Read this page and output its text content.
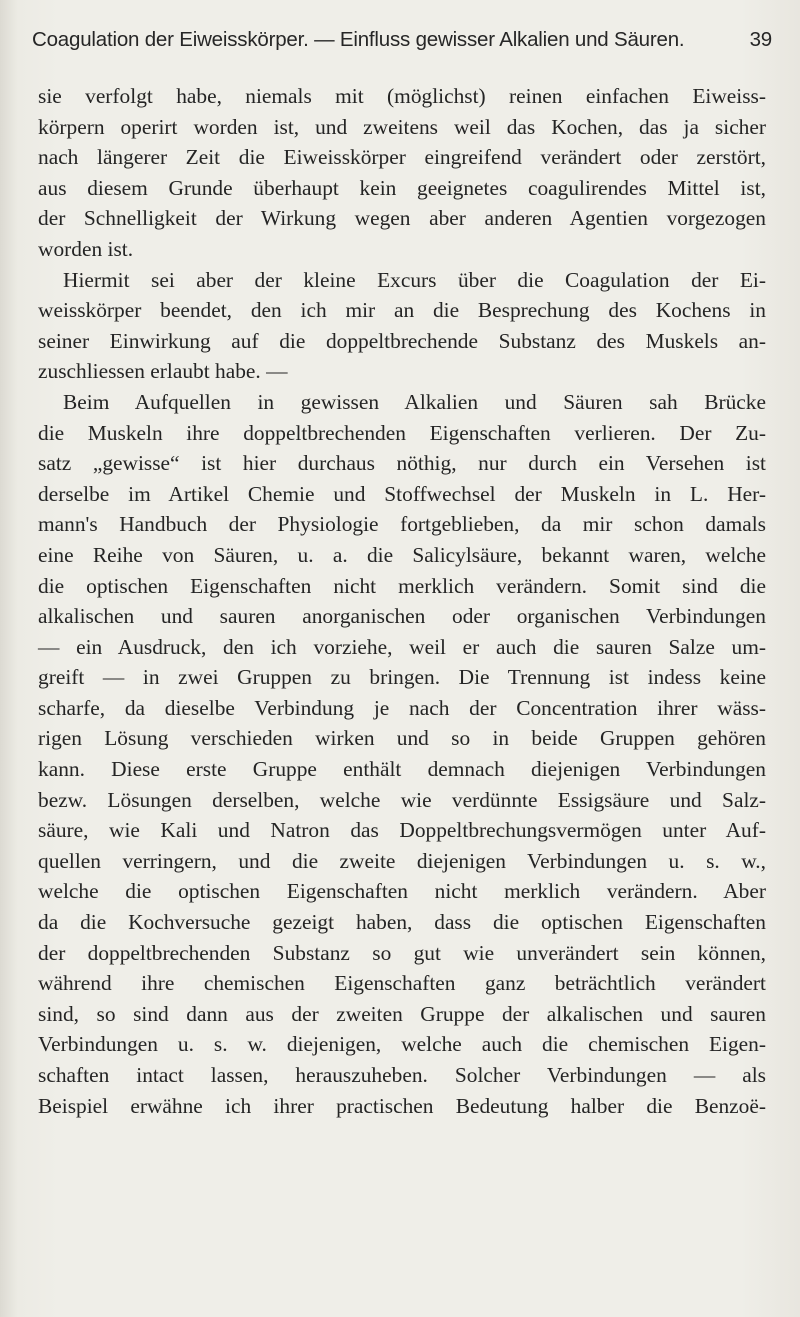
Coagulation der Eiweisskörper. — Einfluss gewisser Alkalien und Säuren.	39
sie verfolgt habe, niemals mit (möglichst) reinen einfachen Eiweiss-
körpern operirt worden ist, und zweitens weil das Kochen, das ja sicher
nach längerer Zeit die Eiweisskörper eingreifend verändert oder zerstört,
aus diesem Grunde überhaupt kein geeignetes coagulirendes Mittel ist,
der Schnelligkeit der Wirkung wegen aber anderen Agentien vorgezogen
worden ist.
Hiermit sei aber der kleine Excurs über die Coagulation der Ei-
weisskörper beendet, den ich mir an die Besprechung des Kochens in
seiner Einwirkung auf die doppeltbrechende Substanz des Muskels an-
zuschliessen erlaubt habe. —
Beim Aufquellen in gewissen Alkalien und Säuren sah Brücke
die Muskeln ihre doppeltbrechenden Eigenschaften verlieren. Der Zu-
satz „gewisse“ ist hier durchaus nöthig, nur durch ein Versehen ist
derselbe im Artikel Chemie und Stoffwechsel der Muskeln in L. Her-
mann's Handbuch der Physiologie fortgeblieben, da mir schon damals
eine Reihe von Säuren, u. a. die Salicylsäure, bekannt waren, welche
die optischen Eigenschaften nicht merklich verändern. Somit sind die
alkalischen und sauren anorganischen oder organischen Verbindungen
— ein Ausdruck, den ich vorziehe, weil er auch die sauren Salze um-
greift — in zwei Gruppen zu bringen. Die Trennung ist indess keine
scharfe, da dieselbe Verbindung je nach der Concentration ihrer wäss-
rigen Lösung verschieden wirken und so in beide Gruppen gehören
kann. Diese erste Gruppe enthält demnach diejenigen Verbindungen
bezw. Lösungen derselben, welche wie verdünnte Essigsäure und Salz-
säure, wie Kali und Natron das Doppeltbrechungsvermögen unter Auf-
quellen verringern, und die zweite diejenigen Verbindungen u. s. w.,
welche die optischen Eigenschaften nicht merklich verändern. Aber
da die Kochversuche gezeigt haben, dass die optischen Eigenschaften
der doppeltbrechenden Substanz so gut wie unverändert sein können,
während ihre chemischen Eigenschaften ganz beträchtlich verändert
sind, so sind dann aus der zweiten Gruppe der alkalischen und sauren
Verbindungen u. s. w. diejenigen, welche auch die chemischen Eigen-
schaften intact lassen, herauszuheben. Solcher Verbindungen — als
Beispiel erwähne ich ihrer practischen Bedeutung halber die Benzoë-
